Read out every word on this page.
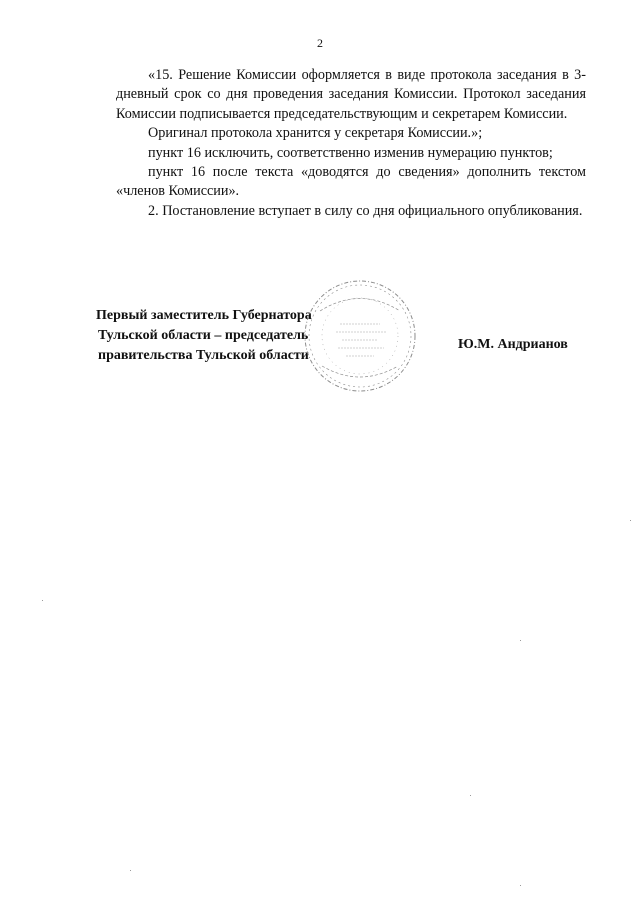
2

«15. Решение Комиссии оформляется в виде протокола заседания в 3-дневный срок со дня проведения заседания Комиссии. Протокол заседания Комиссии подписывается председательствующим и секретарем Комиссии.

Оригинал протокола хранится у секретаря Комиссии.»;

пункт 16 исключить, соответственно изменив нумерацию пунктов;

пункт 16 после текста «доводятся до сведения» дополнить текстом «членов Комиссии».

2. Постановление вступает в силу со дня официального опубликования.

Первый заместитель Губернатора
Тульской области – председатель
правительства Тульской области
Ю.М. Андрианов
